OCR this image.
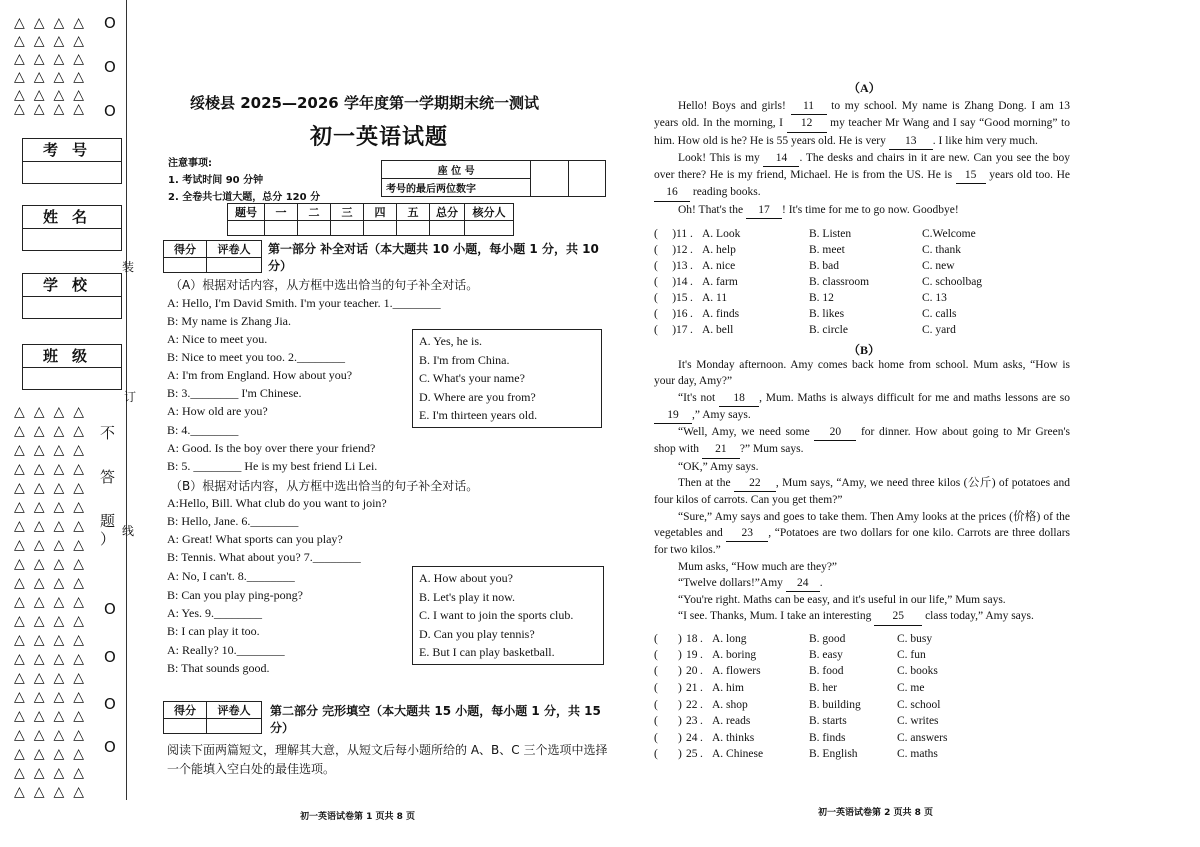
△△△△
△△△△
△△△△
△△△△
△△△△
△△△△
O
O
O
考号
姓名
学校
班级
△△△△
△△△△
△△△△
△△△△
△△△△
△△△△
△△△△
△△△△
△△△△
△△△△
△△△△
△△△△
△△△△
△△△△
△△△△
△△△△
△△△△
△△△△
△△△△
△△△△
△△△△
不
答
题
）
O
O
O
O
装
订
线
绥棱县 2025—2026 学年度第一学期期末统一测试
初一英语试题
注意事项:
1. 考试时间 90 分钟
2. 全卷共七道大题，总分 120 分
座 位 号		
考号的最后两位数字
题号	一	二	三	四	五	总分	核分人

得分	评卷人
	第一部分 补全对话（本大题共 10 小题，每小题 1 分，共 10 分）
（A）根据对话内容，从方框中选出恰当的句子补全对话。
A: Hello, I'm David Smith. I'm your teacher. 1.________
B: My name is Zhang Jia.
A: Nice to meet you.
B: Nice to meet you too. 2.________
A: I'm from England. How about you?
B: 3.________ I'm Chinese.
A: How old are you?
B: 4.________
A: Good. Is the boy over there your friend?
B: 5. ________ He is my best friend Li Lei.
A. Yes, he is.
B. I'm from China.
C. What's your name?
D. Where are you from?
E. I'm thirteen years old.
（B）根据对话内容，从方框中选出恰当的句子补全对话。
A:Hello, Bill. What club do you want to join?
B: Hello, Jane. 6.________
A: Great! What sports can you play?
B: Tennis. What about you? 7.________
A: No, I can't. 8.________
B: Can you play ping-pong?
A: Yes. 9.________
B: I can play it too.
A: Really? 10.________
B: That sounds good.
A. How about you?
B. Let's play it now.
C. I want to join the sports club.
D. Can you play tennis?
E. But I can play basketball.
得分	评卷人
	第二部分 完形填空（本大题共 15 小题，每小题 1 分，共 15 分）
阅读下面两篇短文，理解其大意，从短文后每小题所给的 A、B、C 三个选项中选择一个能填入空白处的最佳选项。
初一英语试卷第 1 页共 8 页
（A）
Hello! Boys and girls! 11 to my school. My name is Zhang Dong. I am 13 years old. In the morning, I 12 my teacher Mr Wang and I say “Good morning” to him. How old is he? He is 55 years old. He is very 13 . I like him very much.
Look! This is my 14 . The desks and chairs in it are new. Can you see the boy over there? He is my friend, Michael. He is from the US. He is 15 years old too. He 16 reading books.
Oh! That's the 17 ! It's time for me to go now. Goodbye!
(     ) 11 . A. Look	B. Listen	C.Welcome
(     ) 12 . A. help	B. meet	C. thank
(     ) 13 . A. nice	B. bad	C. new
(     ) 14 . A. farm	B. classroom	C. schoolbag
(     ) 15 . A. 11	B. 12	C. 13
(     ) 16 . A. finds	B. likes	C. calls
(     ) 17 . A. bell	B. circle	C. yard
（B）
It's Monday afternoon. Amy comes back home from school. Mum asks, “How is your day, Amy?”
“It's not 18 , Mum. Maths is always difficult for me and maths lessons are so 19 ,” Amy says.
“Well, Amy, we need some 20 for dinner. How about going to Mr Green's shop with 21 ?” Mum says.
“OK,” Amy says.
Then at the 22 , Mum says, “Amy, we need three kilos (公斤) of potatoes and four kilos of carrots. Can you get them?”
“Sure,” Amy says and goes to take them. Then Amy looks at the prices (价格) of the vegetables and 23 , “Potatoes are two dollars for one kilo. Carrots are three dollars for two kilos.”
Mum asks, “How much are they?”
“Twelve dollars!”Amy 24 .
“You're right. Maths can be easy, and it's useful in our life,” Mum says.
“I see. Thanks, Mum. I take an interesting 25 class today,” Amy says.
(       ) 18 . A. long	B. good	C. busy
(       ) 19 . A. boring	B. easy	C. fun
(       ) 20 . A. flowers	B. food	C. books
(       ) 21 . A. him	B. her	C. me
(       ) 22 . A. shop	B. building	C. school
(       ) 23 . A. reads	B. starts	C. writes
(       ) 24 . A. thinks	B. finds	C. answers
(       ) 25 . A. Chinese	B. English	C. maths
初一英语试卷第 2 页共 8 页
